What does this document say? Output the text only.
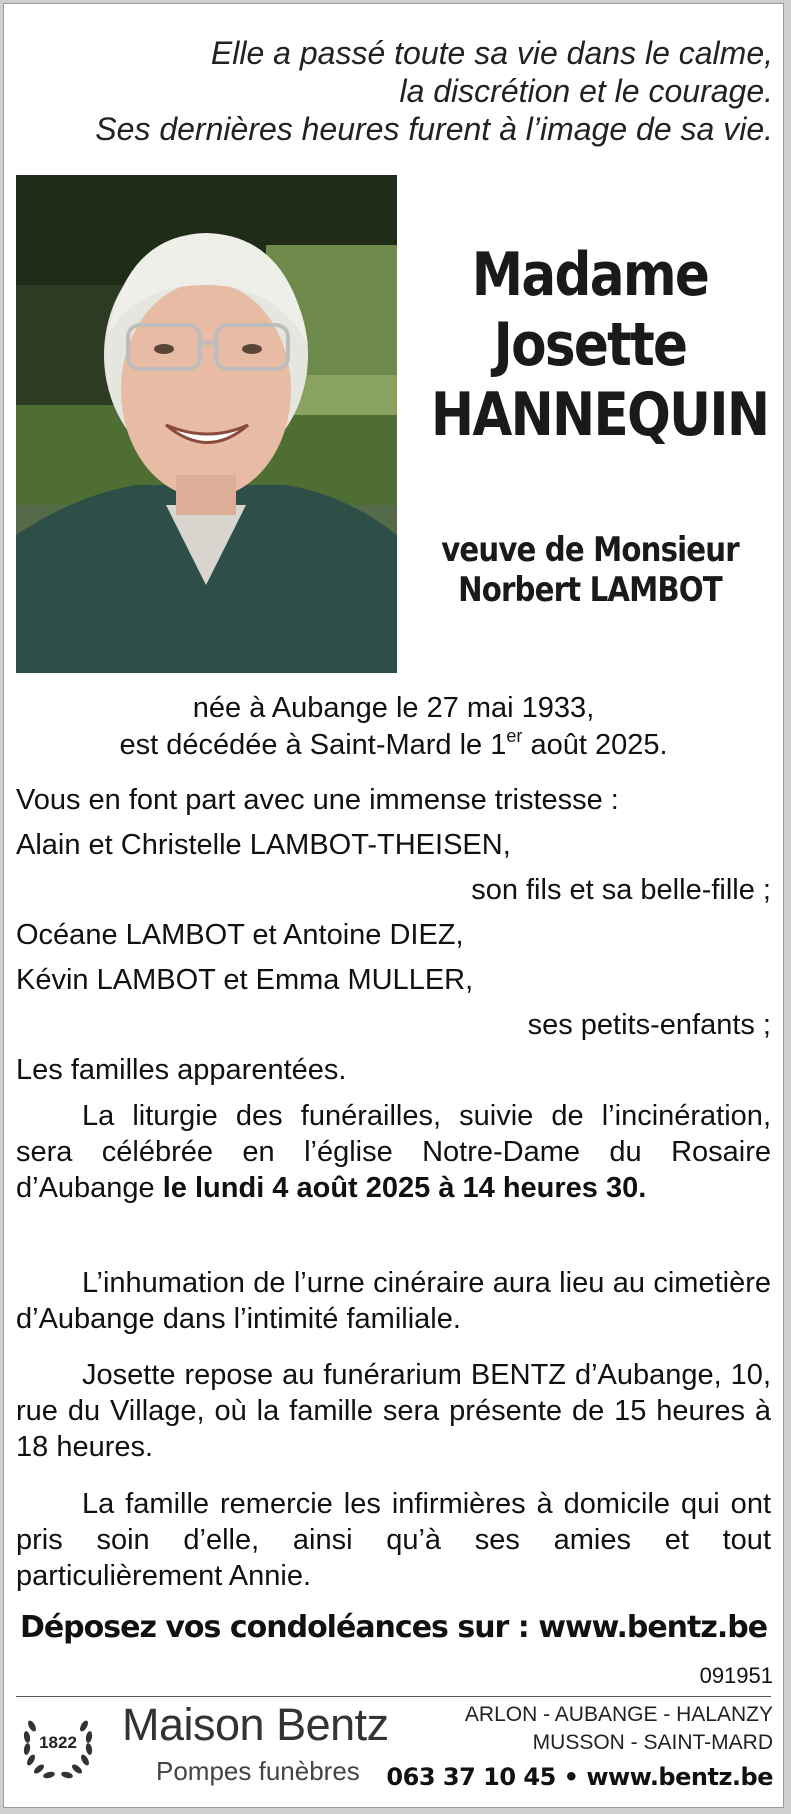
Elle a passé toute sa vie dans le calme,
la discrétion et le courage.
Ses dernières heures furent à l’image de sa vie.
Madame
Josette
HANNEQUIN
veuve de Monsieur
Norbert LAMBOT
née à Aubange le 27 mai 1933,
est décédée à Saint-Mard le 1er août 2025.
Vous en font part avec une immense tristesse :
Alain et Christelle LAMBOT-THEISEN,
son fils et sa belle-fille ;
Océane LAMBOT et Antoine DIEZ,
Kévin LAMBOT et Emma MULLER,
ses petits-enfants ;
Les familles apparentées.
La liturgie des funérailles, suivie de l’incinération, sera célébrée en l’église Notre-Dame du Rosaire d’Aubange le lundi 4 août 2025 à 14 heures 30.
L’inhumation de l’urne cinéraire aura lieu au cimetière d’Aubange dans l’intimité familiale.
Josette repose au funérarium BENTZ d’Aubange, 10, rue du Village, où la famille sera présente de 15 heures à 18 heures.
La famille remercie les infirmières à domicile qui ont pris soin d’elle, ainsi qu’à ses amies et tout particulièrement Annie.
Déposez vos condoléances sur : www.bentz.be
091951
1822	Maison Bentz
Pompes funèbres
ARLON - AUBANGE - HALANZY
MUSSON - SAINT-MARD
063 37 10 45 • www.bentz.be
